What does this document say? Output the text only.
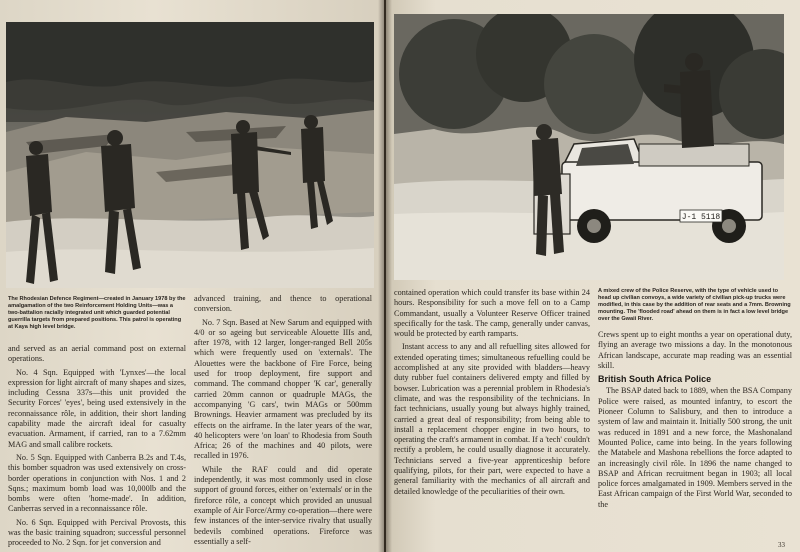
The Rhodesian Defence Regiment—created in January 1978 by the amalgamation of the two Reinforcement Holding Units—was a two-battalion racially integrated unit which guarded potential guerrilla targets from prepared positions. This patrol is operating at Kaya high level bridge.

and served as an aerial command post on external operations.

No. 4 Sqn. Equipped with 'Lynxes'—the local expression for light aircraft of many shapes and sizes, including Cessna 337s—this unit provided the Security Forces' 'eyes', being used extensively in the reconnaissance rôle, in addition, their short landing capability made the aircraft ideal for casualty evacuation. Armament, if carried, ran to a 7.62mm MAG and small calibre rockets.

No. 5 Sqn. Equipped with Canberra B.2s and T.4s, this bomber squadron was used extensively on cross-border operations in conjunction with Nos. 1 and 2 Sqns.; maximum bomb load was 10,000lb and the bombs were often 'home-made'. In addition, Canberras served in a reconnaissance rôle.

No. 6 Sqn. Equipped with Percival Provosts, this was the basic training squadron; successful personnel proceeded to No. 2 Sqn. for jet conversion and

advanced training, and thence to operational conversion.

No. 7 Sqn. Based at New Sarum and equipped with 4/0 or so ageing but serviceable Alouette IIIs and, after 1978, with 12 larger, longer-ranged Bell 205s which were frequently used on 'externals'. The Alouettes were the backbone of Fire Force, being used for troop deployment, fire support and command. The command chopper 'K car', generally carried 20mm cannon or quadruple MAGs, the accompanying 'G cars', twin MAGs or 500mm Brownings. Heavier armament was precluded by its effects on the airframe. In the later years of the war, 40 helicopters were 'on loan' to Rhodesia from South Africa; 26 of the machines and 40 pilots, were recalled in 1976.

While the RAF could and did operate independently, it was most commonly used in close support of ground forces, either on 'externals' or in the fireforce rôle, a concept which provided an unusual example of Air Force/Army co-operation—there were few instances of the inter-service rivalry that usually bedevils combined operations. Fireforce was essentially a self-

J-1 5118
A mixed crew of the Police Reserve, with the type of vehicle used to head up civilian convoys, a wide variety of civilian pick-up trucks were modified, in this case by the addition of rear seats and a 7mm. Browning mounting. The 'flooded road' ahead on them is in fact a low level bridge over the Gwaii River.

contained operation which could transfer its base within 24 hours. Responsibility for such a move fell on to a Camp Commandant, usually a Volunteer Reserve Officer trained specifically for the task. The camp, generally under canvas, would be protected by earth ramparts.

Instant access to any and all refuelling sites allowed for extended operating times; simultaneous refuelling could be accomplished at any site provided with bladders—heavy duty rubber fuel containers delivered empty and filled by bowser. Lubrication was a perennial problem in Rhodesia's climate, and was the responsibility of the technicians. In fact technicians, usually young but always highly trained, carried a great deal of responsibility; from being able to install a replacement chopper engine in two hours, to operating the craft's armament in combat. If a 'tech' couldn't rectify a problem, he could usually diagnose it accurately. Technicians served a five-year apprenticeship before qualifying, pilots, for their part, were expected to have a general familiarity with the mechanics of all aircraft and detailed knowledge of the peculiarities of their own.

Crews spent up to eight months a year on operational duty, flying an average two missions a day. In the monotonous African landscape, accurate map reading was an essential skill.

British South Africa Police

The BSAP dated back to 1889, when the BSA Company Police were raised, as mounted infantry, to escort the Pioneer Column to Salisbury, and then to introduce a system of law and maintain it. Initially 500 strong, the unit was reduced in 1891 and a new force, the Mashonaland Mounted Police, came into being. In the years following the Matabele and Mashona rebellions the force adapted to an increasingly civil rôle. In 1896 the name changed to BSAP and African recruitment began in 1903; all local police forces amalgamated in 1909. Members served in the East African campaign of the First World War, seconded to the

33
